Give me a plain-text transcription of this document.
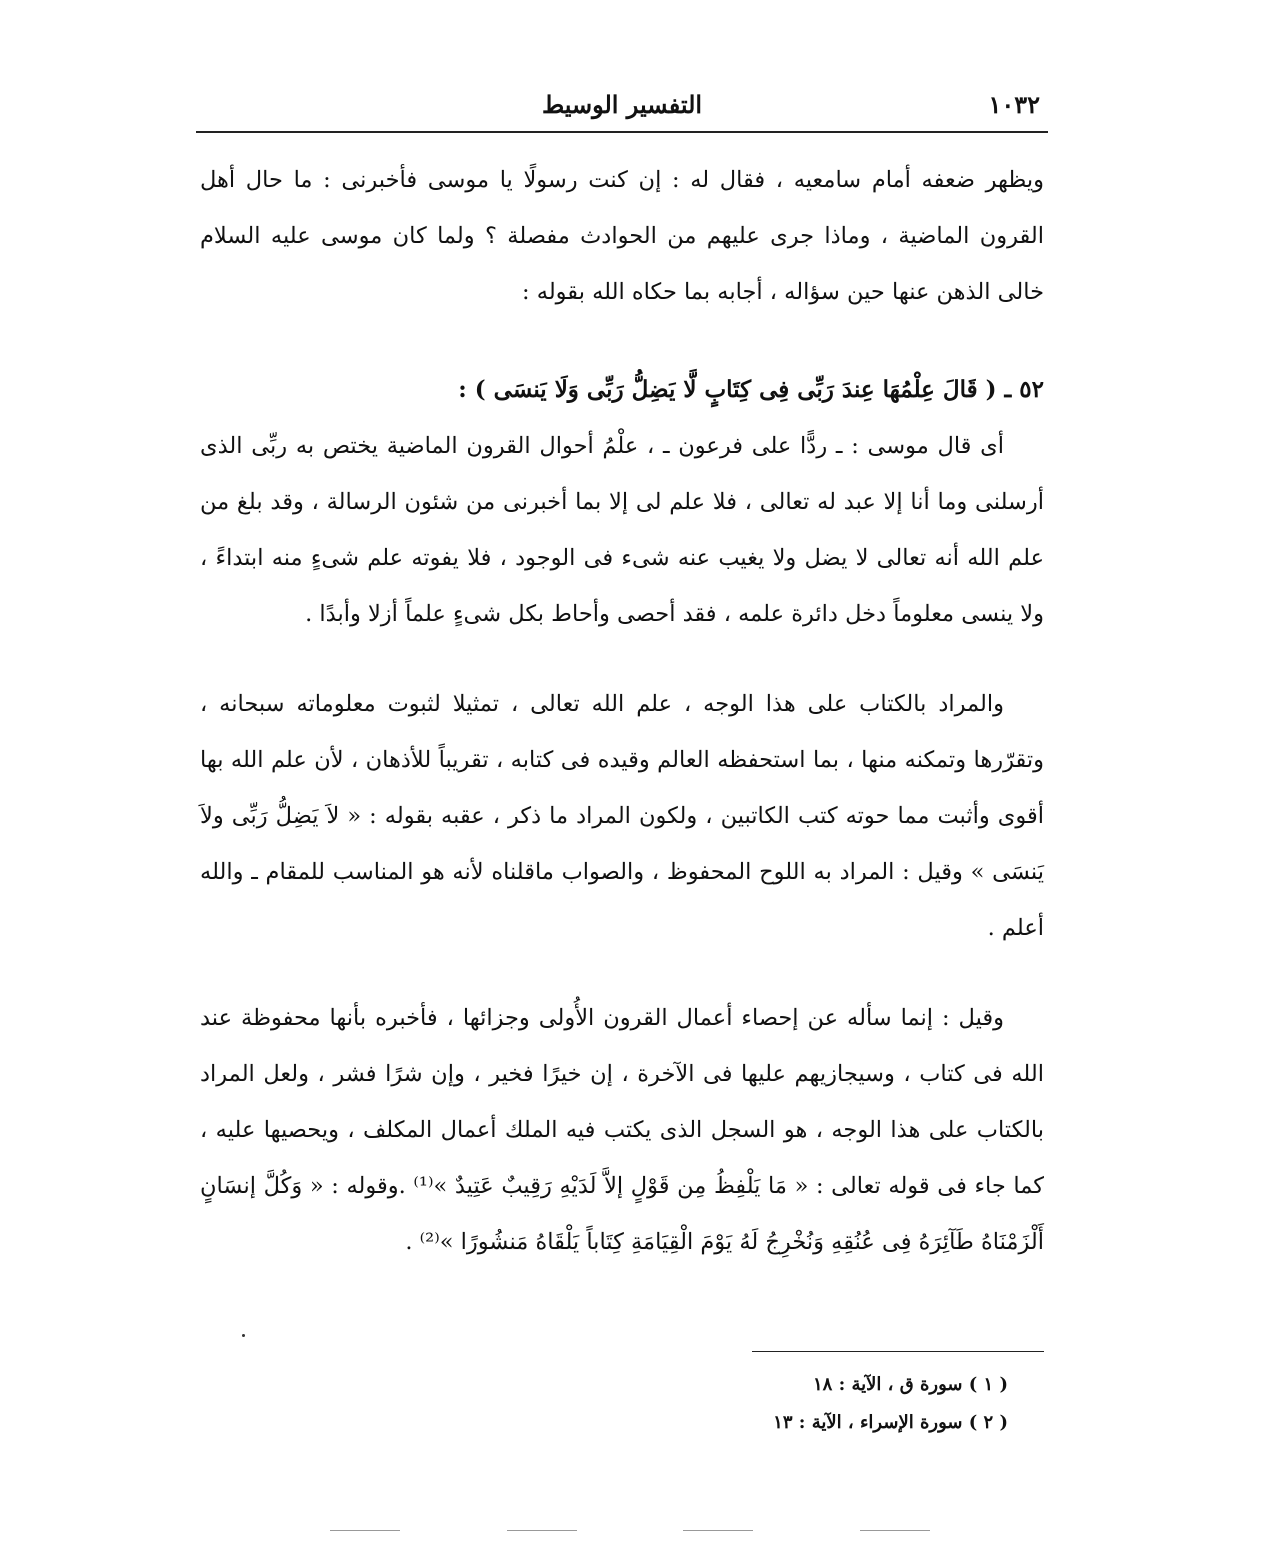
١٠٣٢
التفسير الوسيط

ويظهر ضعفه أمام سامعيه ، فقال له : إن كنت رسولًا يا موسى فأخبرنى : ما حال أهل القرون الماضية ، وماذا جرى عليهم من الحوادث مفصلة ؟ ولما كان موسى عليه السلام خالى الذهن عنها حين سؤاله ، أجابه بما حكاه الله بقوله :

٥٢ ـ ( قَالَ عِلْمُهَا عِندَ رَبِّى فِى كِتَابٍ لَّا يَضِلُّ رَبِّى وَلَا يَنسَى ) :

أى قال موسى : ـ ردًّا على فرعون ـ ، علْمُ أحوال القرون الماضية يختص به ربِّى الذى أرسلنى وما أنا إلا عبد له تعالى ، فلا علم لى إلا بما أخبرنى من شئون الرسالة ، وقد بلغ من علم الله أنه تعالى لا يضل ولا يغيب عنه شىء فى الوجود ، فلا يفوته علم شىءٍ منه ابتداءً ، ولا ينسى معلوماً دخل دائرة علمه ، فقد أحصى وأحاط بكل شىءٍ علماً أزلا وأبدًا .

والمراد بالكتاب على هذا الوجه ، علم الله تعالى ، تمثيلا لثبوت معلوماته سبحانه ، وتقرّرها وتمكنه منها ، بما استحفظه العالم وقيده فى كتابه ، تقريباً للأذهان ، لأن علم الله بها أقوى وأثبت مما حوته كتب الكاتبين ، ولكون المراد ما ذكر ، عقبه بقوله : « لاَ يَضِلُّ رَبِّى ولاَ يَنسَى » وقيل : المراد به اللوح المحفوظ ، والصواب ماقلناه لأنه هو المناسب للمقام ـ والله أعلم .

وقيل : إنما سأله عن إحصاء أعمال القرون الأُولى وجزائها ، فأخبره بأنها محفوظة عند الله فى كتاب ، وسيجازيهم عليها فى الآخرة ، إن خيرًا فخير ، وإن شرًا فشر ، ولعل المراد بالكتاب على هذا الوجه ، هو السجل الذى يكتب فيه الملك أعمال المكلف ، ويحصيها عليه ، كما جاء فى قوله تعالى : « مَا يَلْفِظُ مِن قَوْلٍ إلاَّ لَدَيْهِ رَقِيبٌ عَتِيدٌ »⁽¹⁾ .وقوله : « وَكُلَّ إنسَانٍ أَلْزَمْنَاهُ طَآئِرَهُ فِى عُنُقِهِ وَنُخْرِجُ لَهُ يَوْمَ الْقِيَامَةِ كِتَاباً يَلْقَاهُ مَنشُورًا »⁽²⁾ .

( ١ ) سورة ق ، الآية : ١٨

( ٢ ) سورة الإسراء ، الآية : ١٣
